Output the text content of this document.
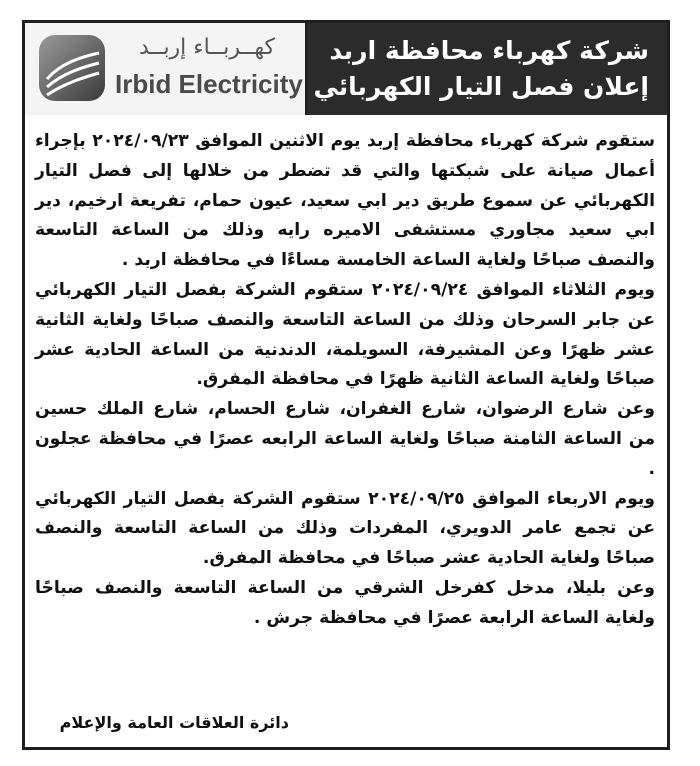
كهــربــاء إربــد
Irbid Electricity
شركة كهرباء محافظة اربد
إعلان فصل التيار الكهربائي

ستقوم شركة كهرباء محافظة إربد يوم الاثنين الموافق ٢٠٢٤/٠٩/٢٣ بإجراء أعمال صيانة على شبكتها والتي قد تضطر من خلالها إلى فصل التيار الكهربائي عن سموع طريق دير ابي سعيد، عيون حمام، تفريعة ارخيم، دير ابي سعيد مجاوري مستشفى الاميره رايه وذلك من الساعة التاسعة والنصف صباحًا ولغاية الساعة الخامسة مساءًا في محافظة اربد .

ويوم الثلاثاء الموافق ٢٠٢٤/٠٩/٢٤ ستقوم الشركة بفصل التيار الكهربائي عن جابر السرحان وذلك من الساعة التاسعة والنصف صباحًا ولغاية الثانية عشر ظهرًا وعن المشيرفة، السويلمة، الدندنية من الساعة الحادية عشر صباحًا ولغاية الساعة الثانية ظهرًا في محافظة المفرق.

وعن شارع الرضوان، شارع الغفران، شارع الحسام، شارع الملك حسين من الساعة الثامنة صباحًا ولغاية الساعة الرابعه عصرًا في محافظة عجلون .

ويوم الاربعاء الموافق ٢٠٢٤/٠٩/٢٥ ستقوم الشركة بفصل التيار الكهربائي عن تجمع عامر الدويري، المفردات وذلك من الساعة التاسعة والنصف صباحًا ولغاية الحادية عشر صباحًا في محافظة المفرق.

وعن بليلا، مدخل كفرخل الشرقي من الساعة التاسعة والنصف صباحًا ولغاية الساعة الرابعة عصرًا في محافظة جرش .

دائرة العلاقات العامة والإعلام
